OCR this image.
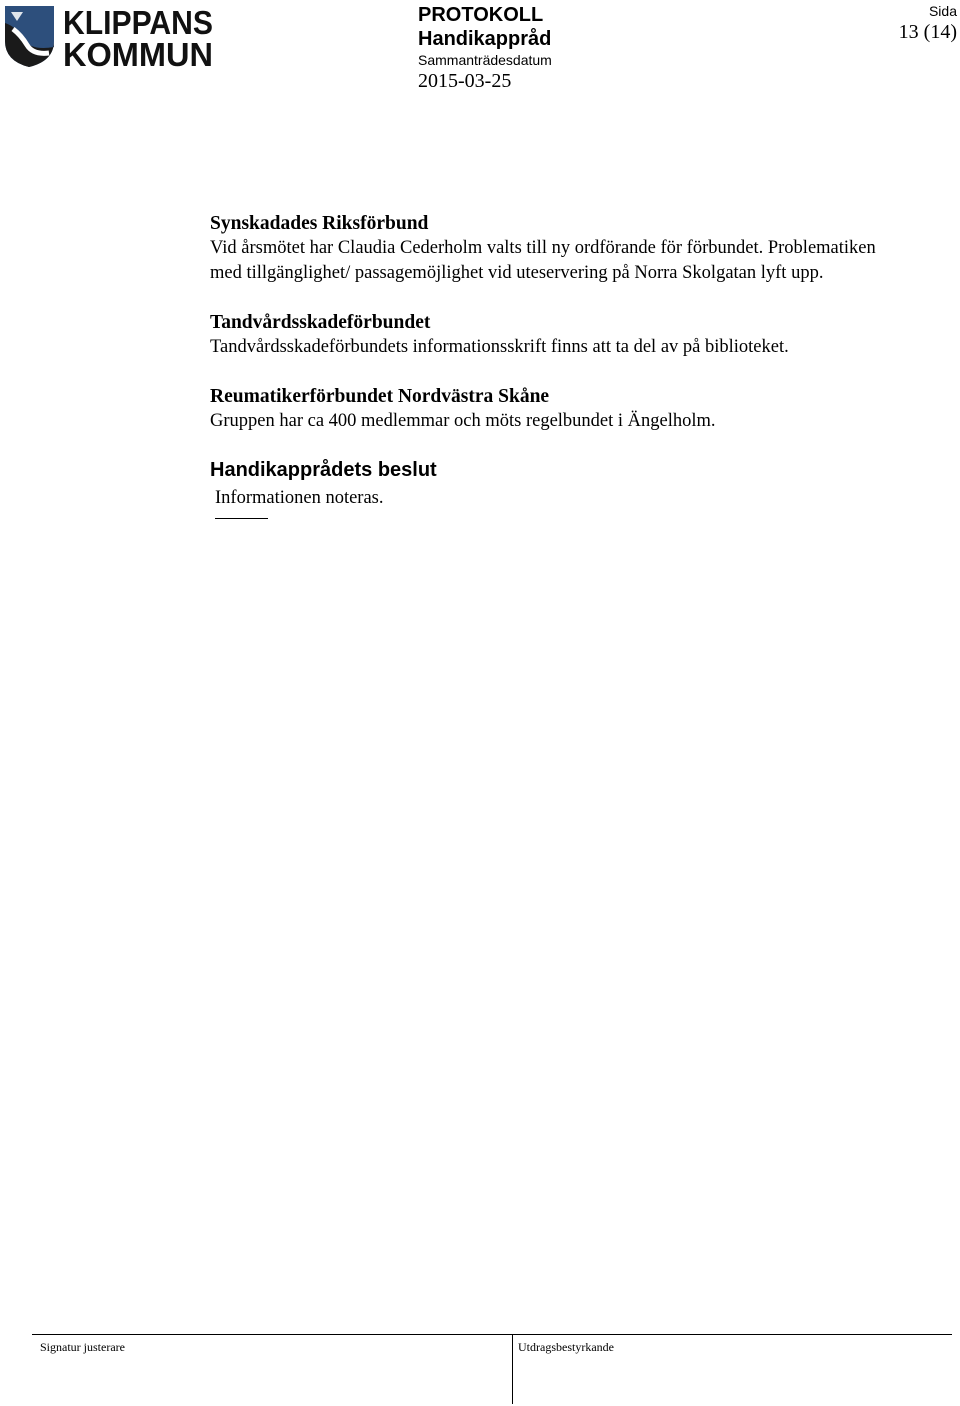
KLIPPANS
KOMMUN
PROTOKOLL
Handikappråd
Sammanträdesdatum
2015-03-25
Sida
13 (14)

Synskadades Riksförbund

Vid årsmötet har Claudia Cederholm valts till ny ordförande för förbundet. Problematiken med tillgänglighet/ passagemöjlighet vid uteservering på Norra Skolgatan lyft upp.

Tandvårdsskadeförbundet

Tandvårdsskadeförbundets informationsskrift finns att ta del av på biblioteket.

Reumatikerförbundet Nordvästra Skåne

Gruppen har ca 400 medlemmar och möts regelbundet i Ängelholm.

Handikapprådets beslut

Informationen noteras.

Signatur justerare	Utdragsbestyrkande
